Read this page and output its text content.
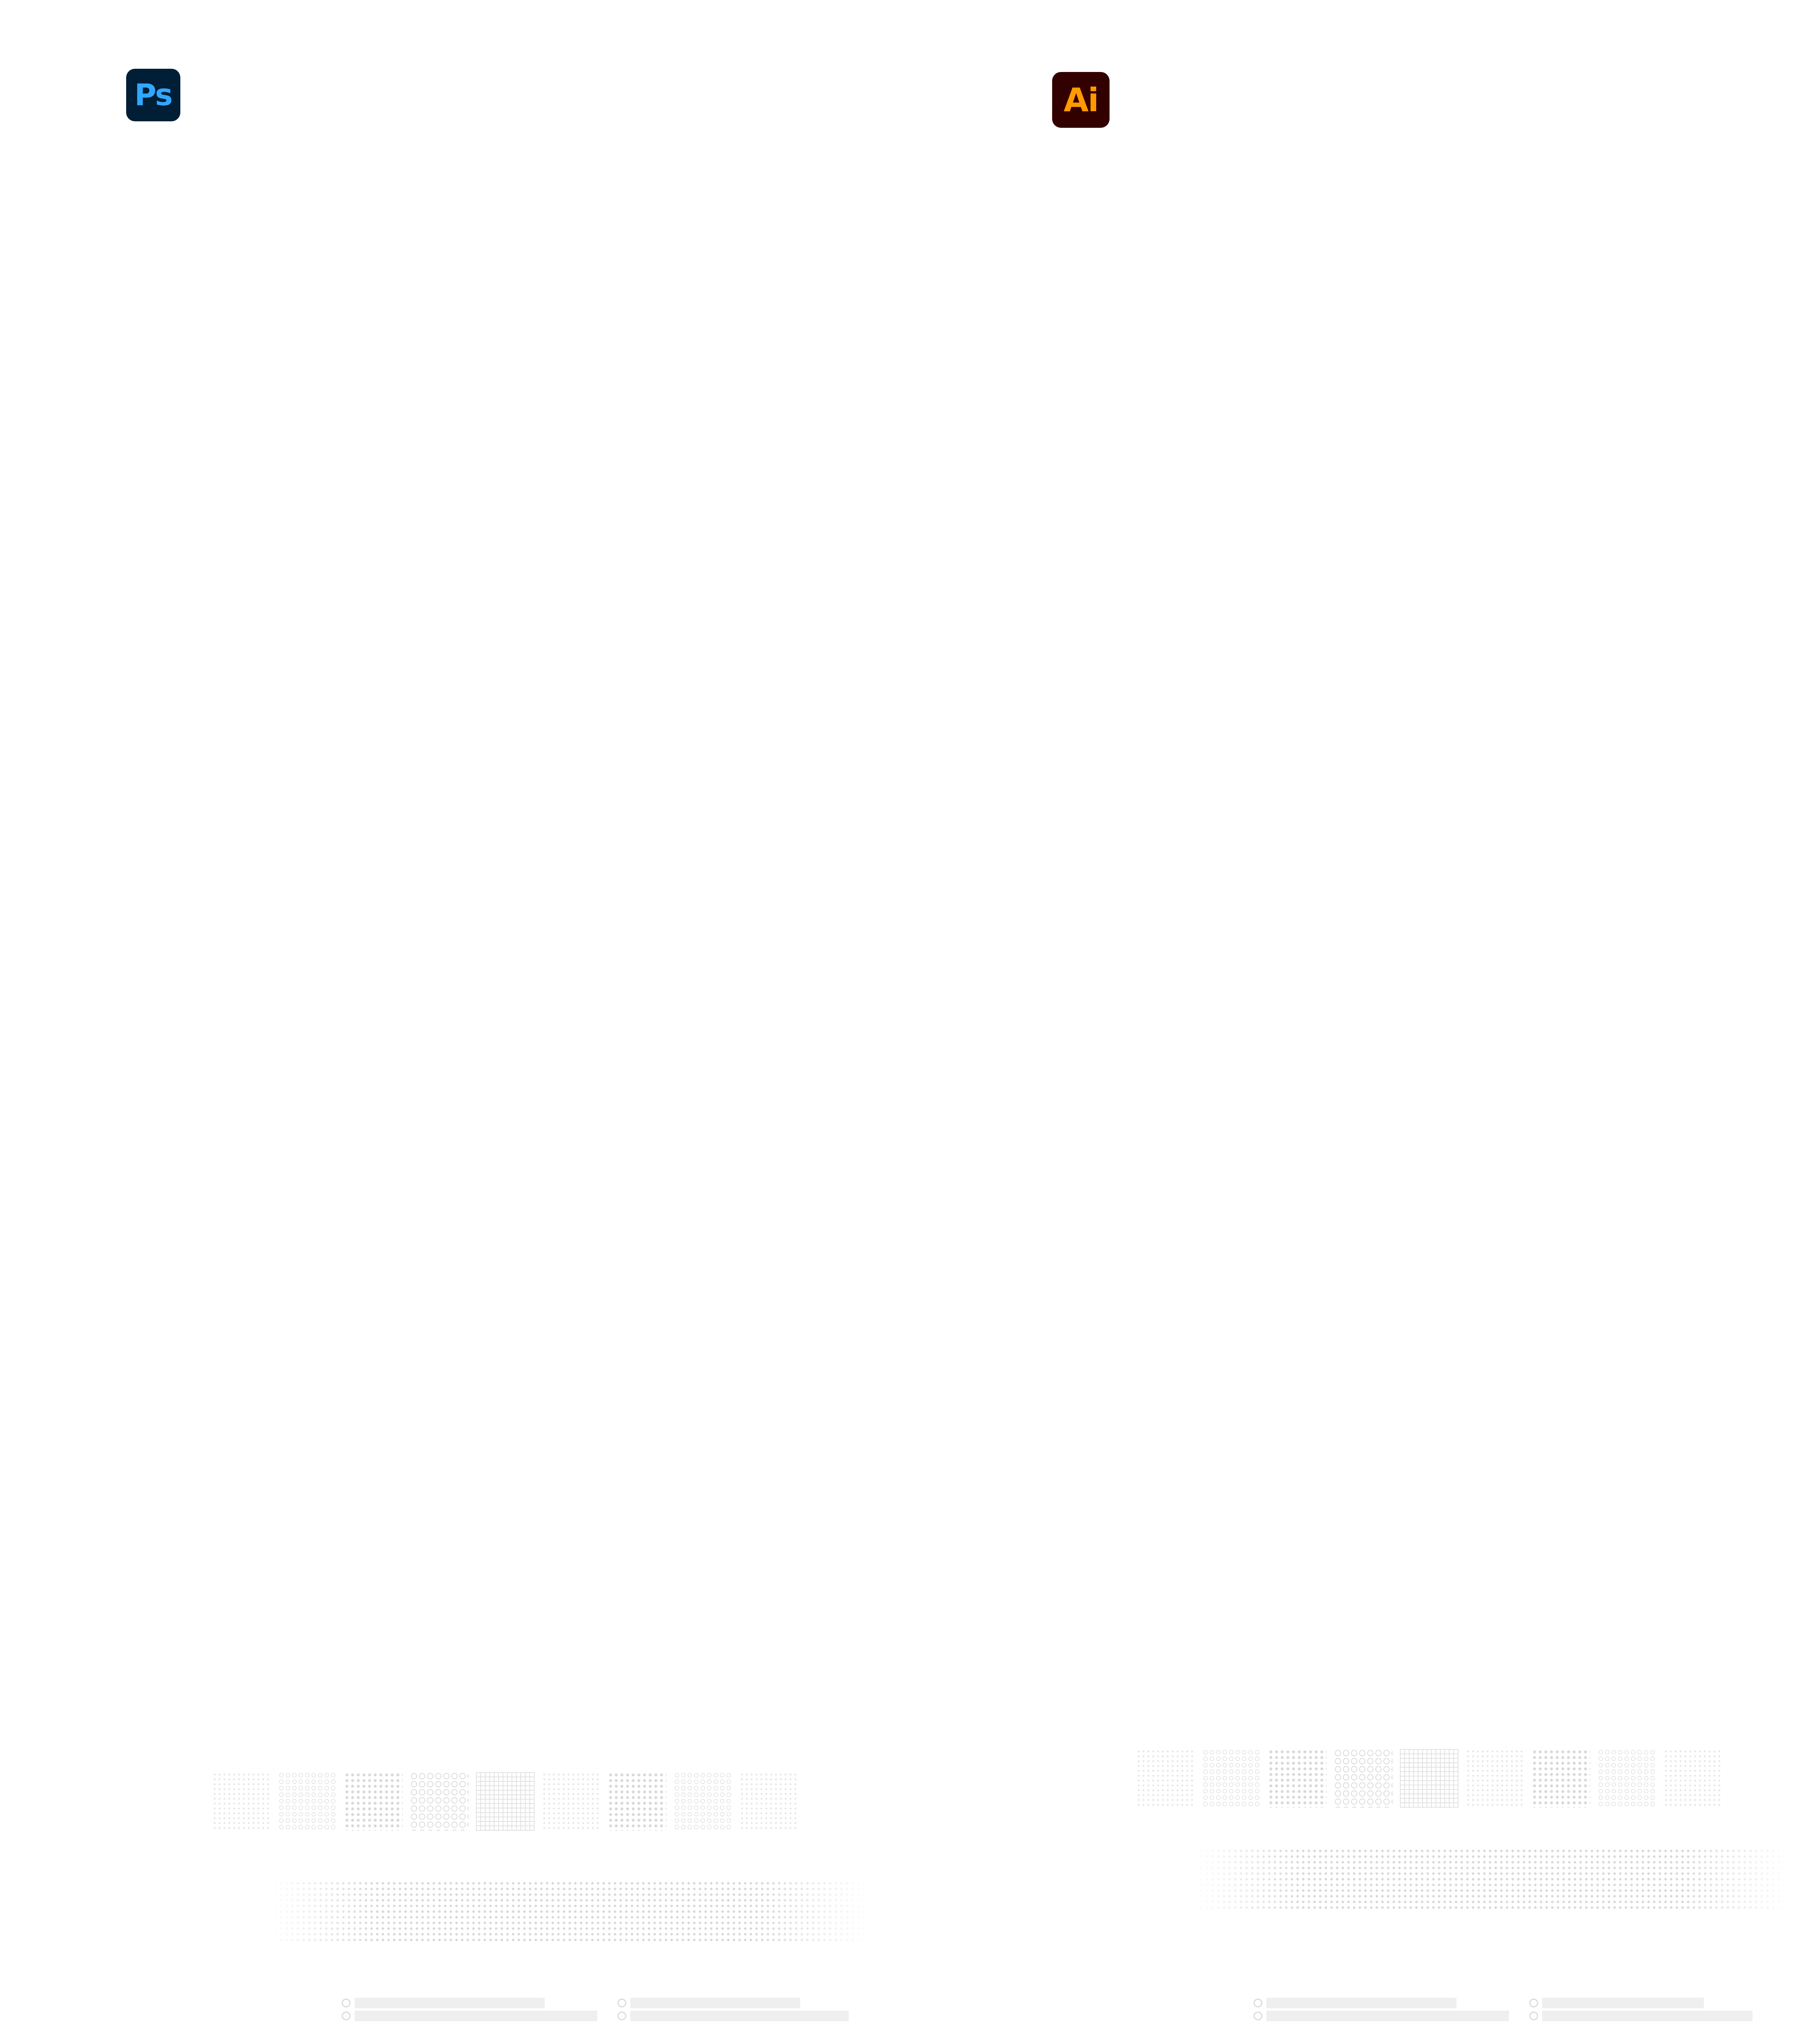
Ps	Ai
